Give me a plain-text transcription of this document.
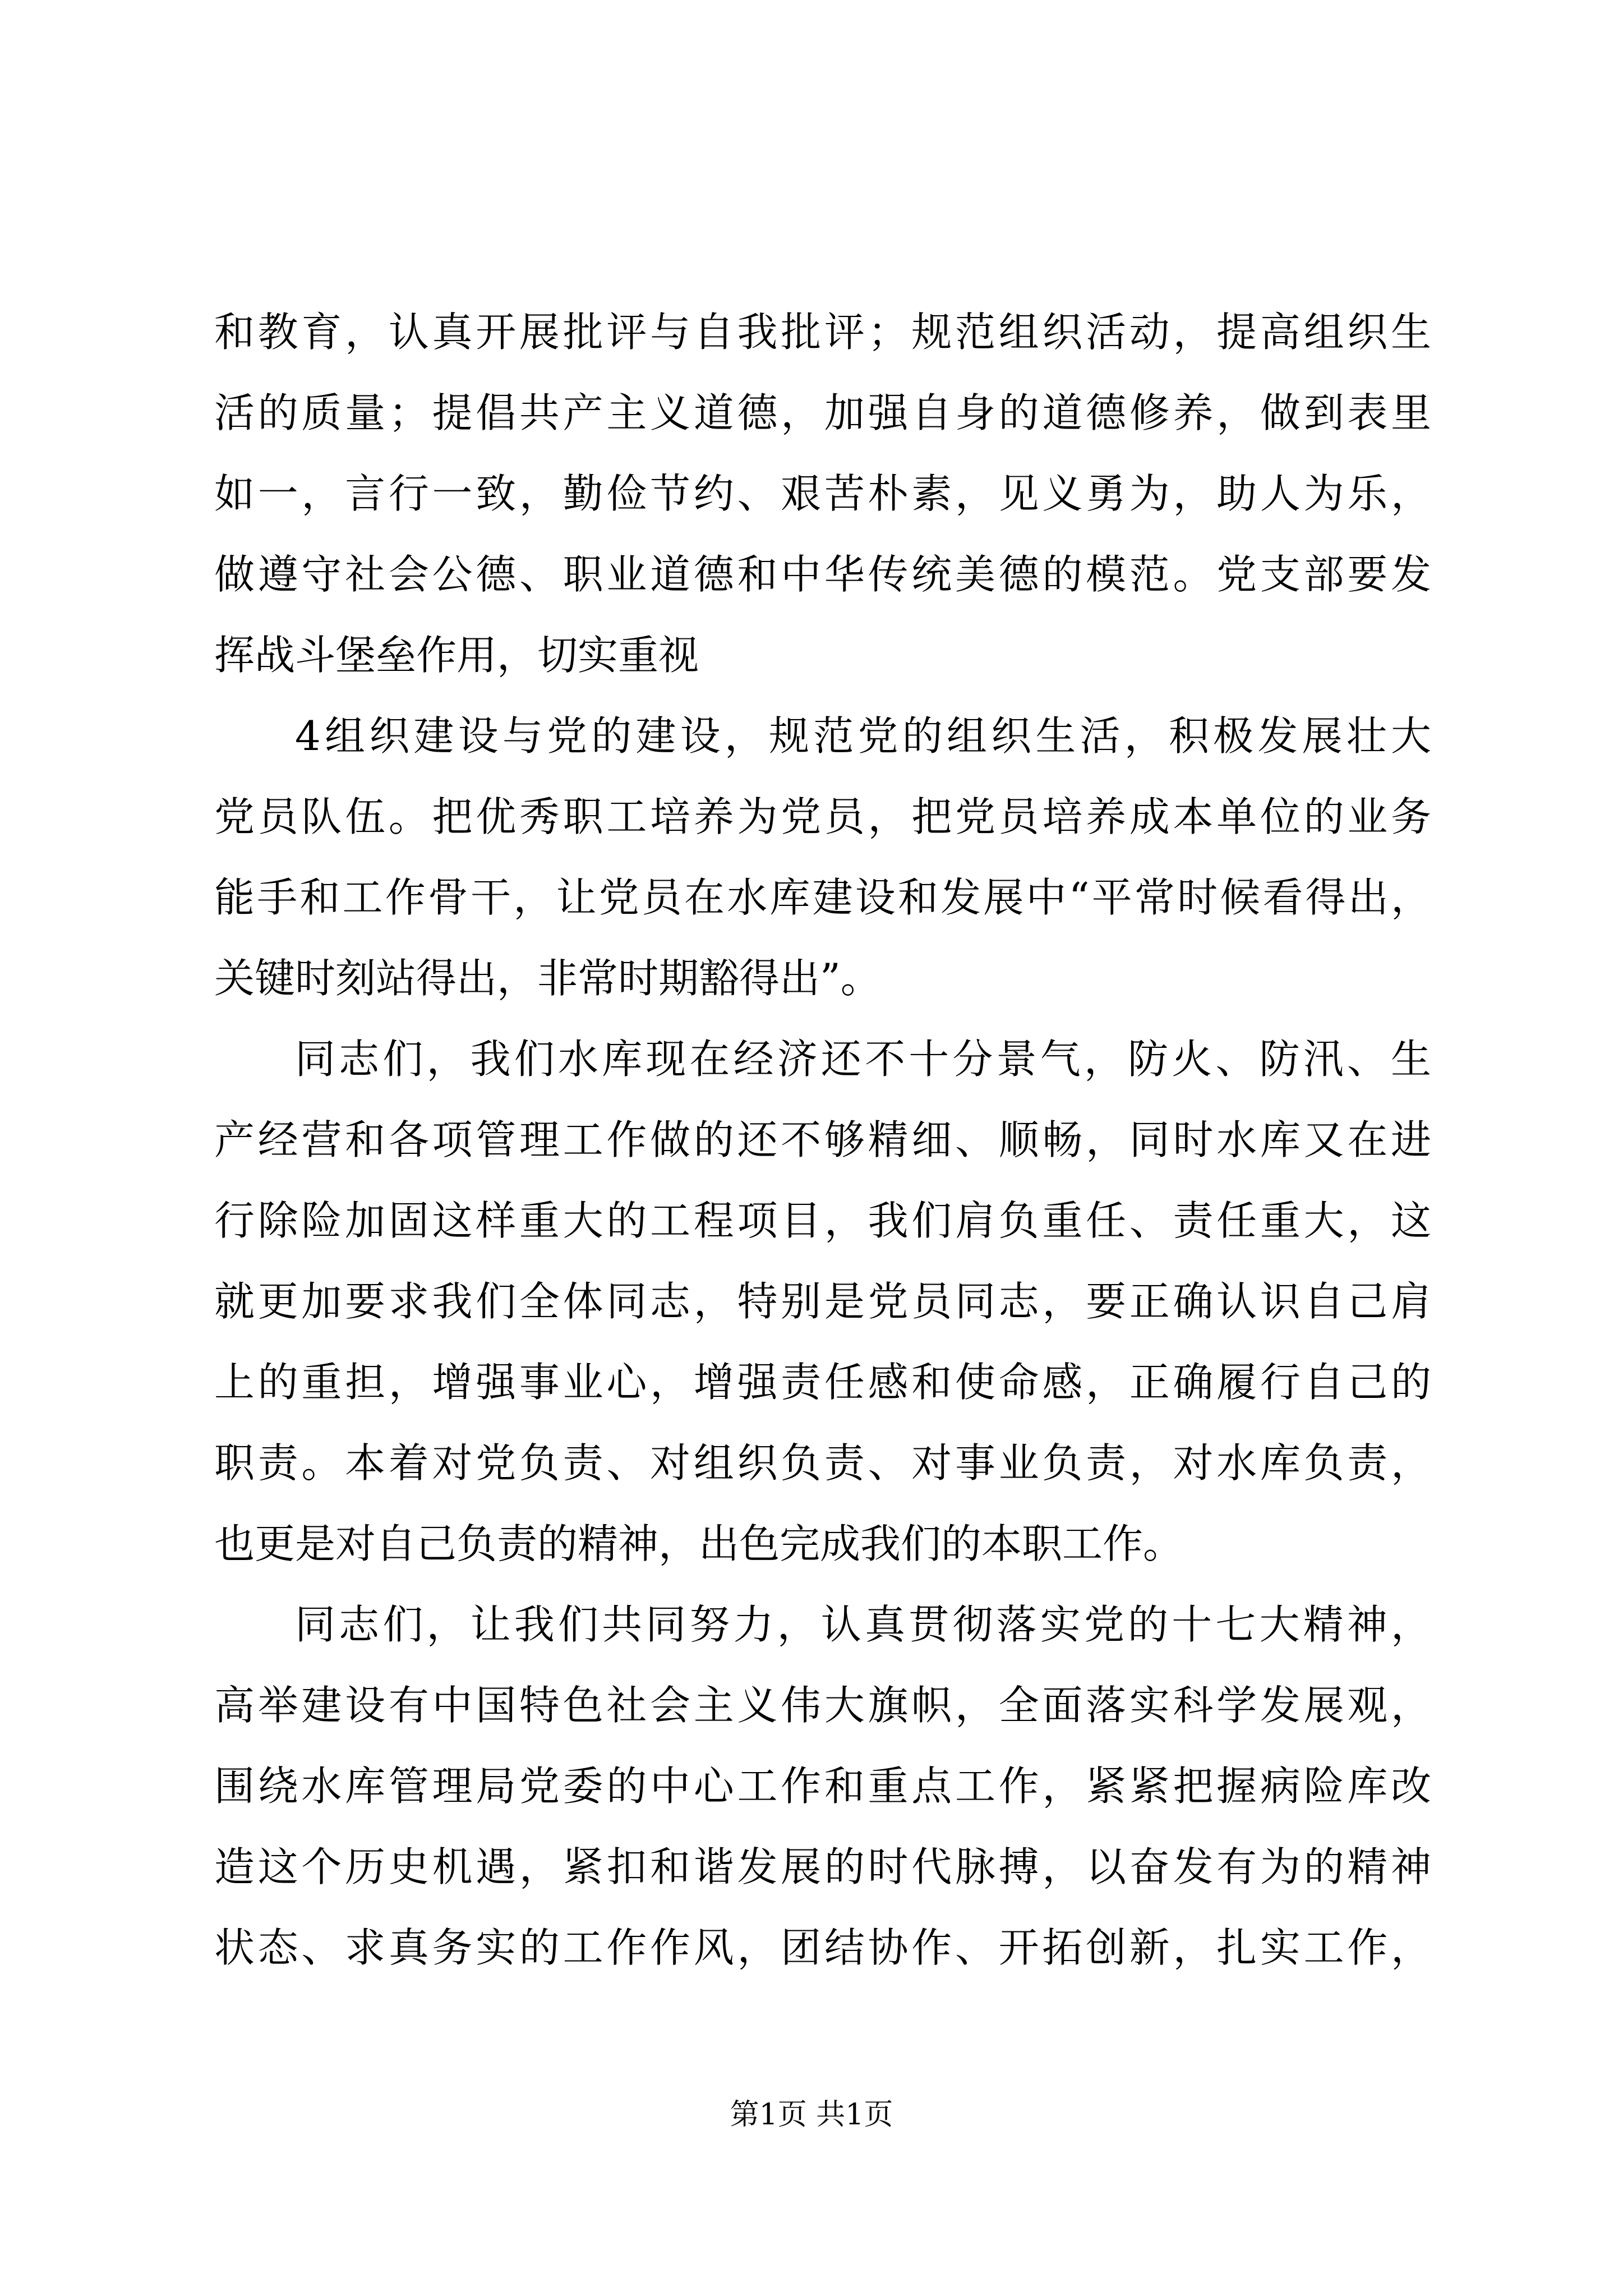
和教育，认真开展批评与自我批评；规范组织活动，提高组织生
活的质量；提倡共产主义道德，加强自身的道德修养，做到表里
如一，言行一致，勤俭节约、艰苦朴素，见义勇为，助人为乐，
做遵守社会公德、职业道德和中华传统美德的模范。党支部要发
挥战斗堡垒作用，切实重视
4组织建设与党的建设，规范党的组织生活，积极发展壮大
党员队伍。把优秀职工培养为党员，把党员培养成本单位的业务
能手和工作骨干，让党员在水库建设和发展中“平常时候看得出，
关键时刻站得出，非常时期豁得出”。
同志们，我们水库现在经济还不十分景气，防火、防汛、生
产经营和各项管理工作做的还不够精细、顺畅，同时水库又在进
行除险加固这样重大的工程项目，我们肩负重任、责任重大，这
就更加要求我们全体同志，特别是党员同志，要正确认识自己肩
上的重担，增强事业心，增强责任感和使命感，正确履行自己的
职责。本着对党负责、对组织负责、对事业负责，对水库负责，
也更是对自己负责的精神，出色完成我们的本职工作。
同志们，让我们共同努力，认真贯彻落实党的十七大精神，
高举建设有中国特色社会主义伟大旗帜，全面落实科学发展观，
围绕水库管理局党委的中心工作和重点工作，紧紧把握病险库改
造这个历史机遇，紧扣和谐发展的时代脉搏，以奋发有为的精神
状态、求真务实的工作作风，团结协作、开拓创新，扎实工作，
第1页 共1页
